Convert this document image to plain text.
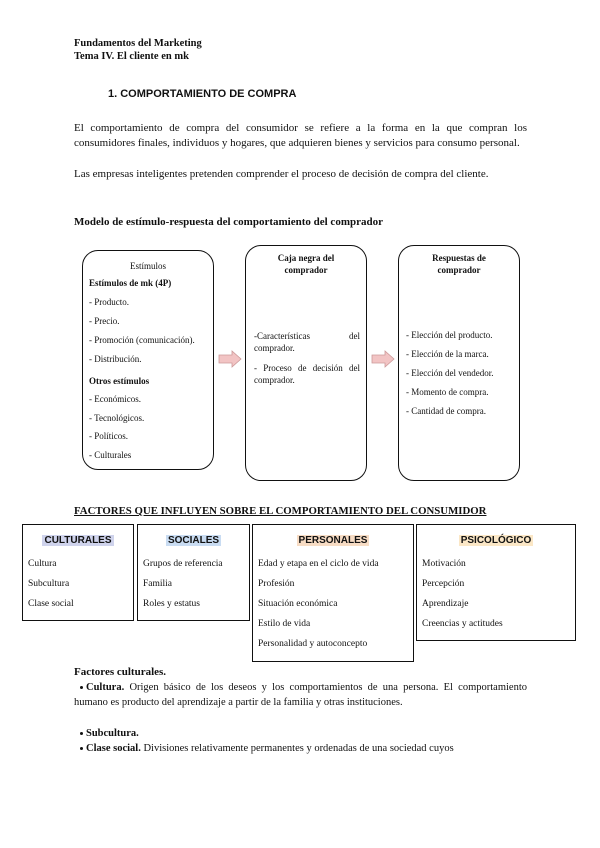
Fundamentos del Marketing
Tema IV. El cliente en mk
1. COMPORTAMIENTO DE COMPRA
El comportamiento de compra del consumidor se refiere a la forma en la que compran los consumidores finales, individuos y hogares, que adquieren bienes y servicios para consumo personal.
Las empresas inteligentes pretenden comprender el proceso de decisión de compra del cliente.
Modelo de estímulo-respuesta del comportamiento del comprador
Estímulos
Estímulos de mk (4P)
- Producto.
- Precio.
- Promoción (comunicación).
- Distribución.
Otros estímulos
- Económicos.
- Tecnológicos.
- Políticos.
- Culturales
Caja negra del
comprador
-Características del comprador.
- Proceso de decisión del comprador.
Respuestas de
comprador
- Elección del producto.
- Elección de la marca.
- Elección del vendedor.
- Momento de compra.
- Cantidad de compra.
FACTORES QUE INFLUYEN SOBRE EL COMPORTAMIENTO DEL CONSUMIDOR
CULTURALES
Cultura
Subcultura
Clase social
SOCIALES
Grupos de referencia
Familia
Roles y estatus
PERSONALES
Edad y etapa en el ciclo de vida
Profesión
Situación económica
Estilo de vida
Personalidad y autoconcepto
PSICOLÓGICO
Motivación
Percepción
Aprendizaje
Creencias y actitudes
Factores culturales.
Cultura. Origen básico de los deseos y los comportamientos de una persona. El comportamiento humano es producto del aprendizaje a partir de la familia y otras instituciones.
Subcultura.
Clase social. Divisiones relativamente permanentes y ordenadas de una sociedad cuyos
